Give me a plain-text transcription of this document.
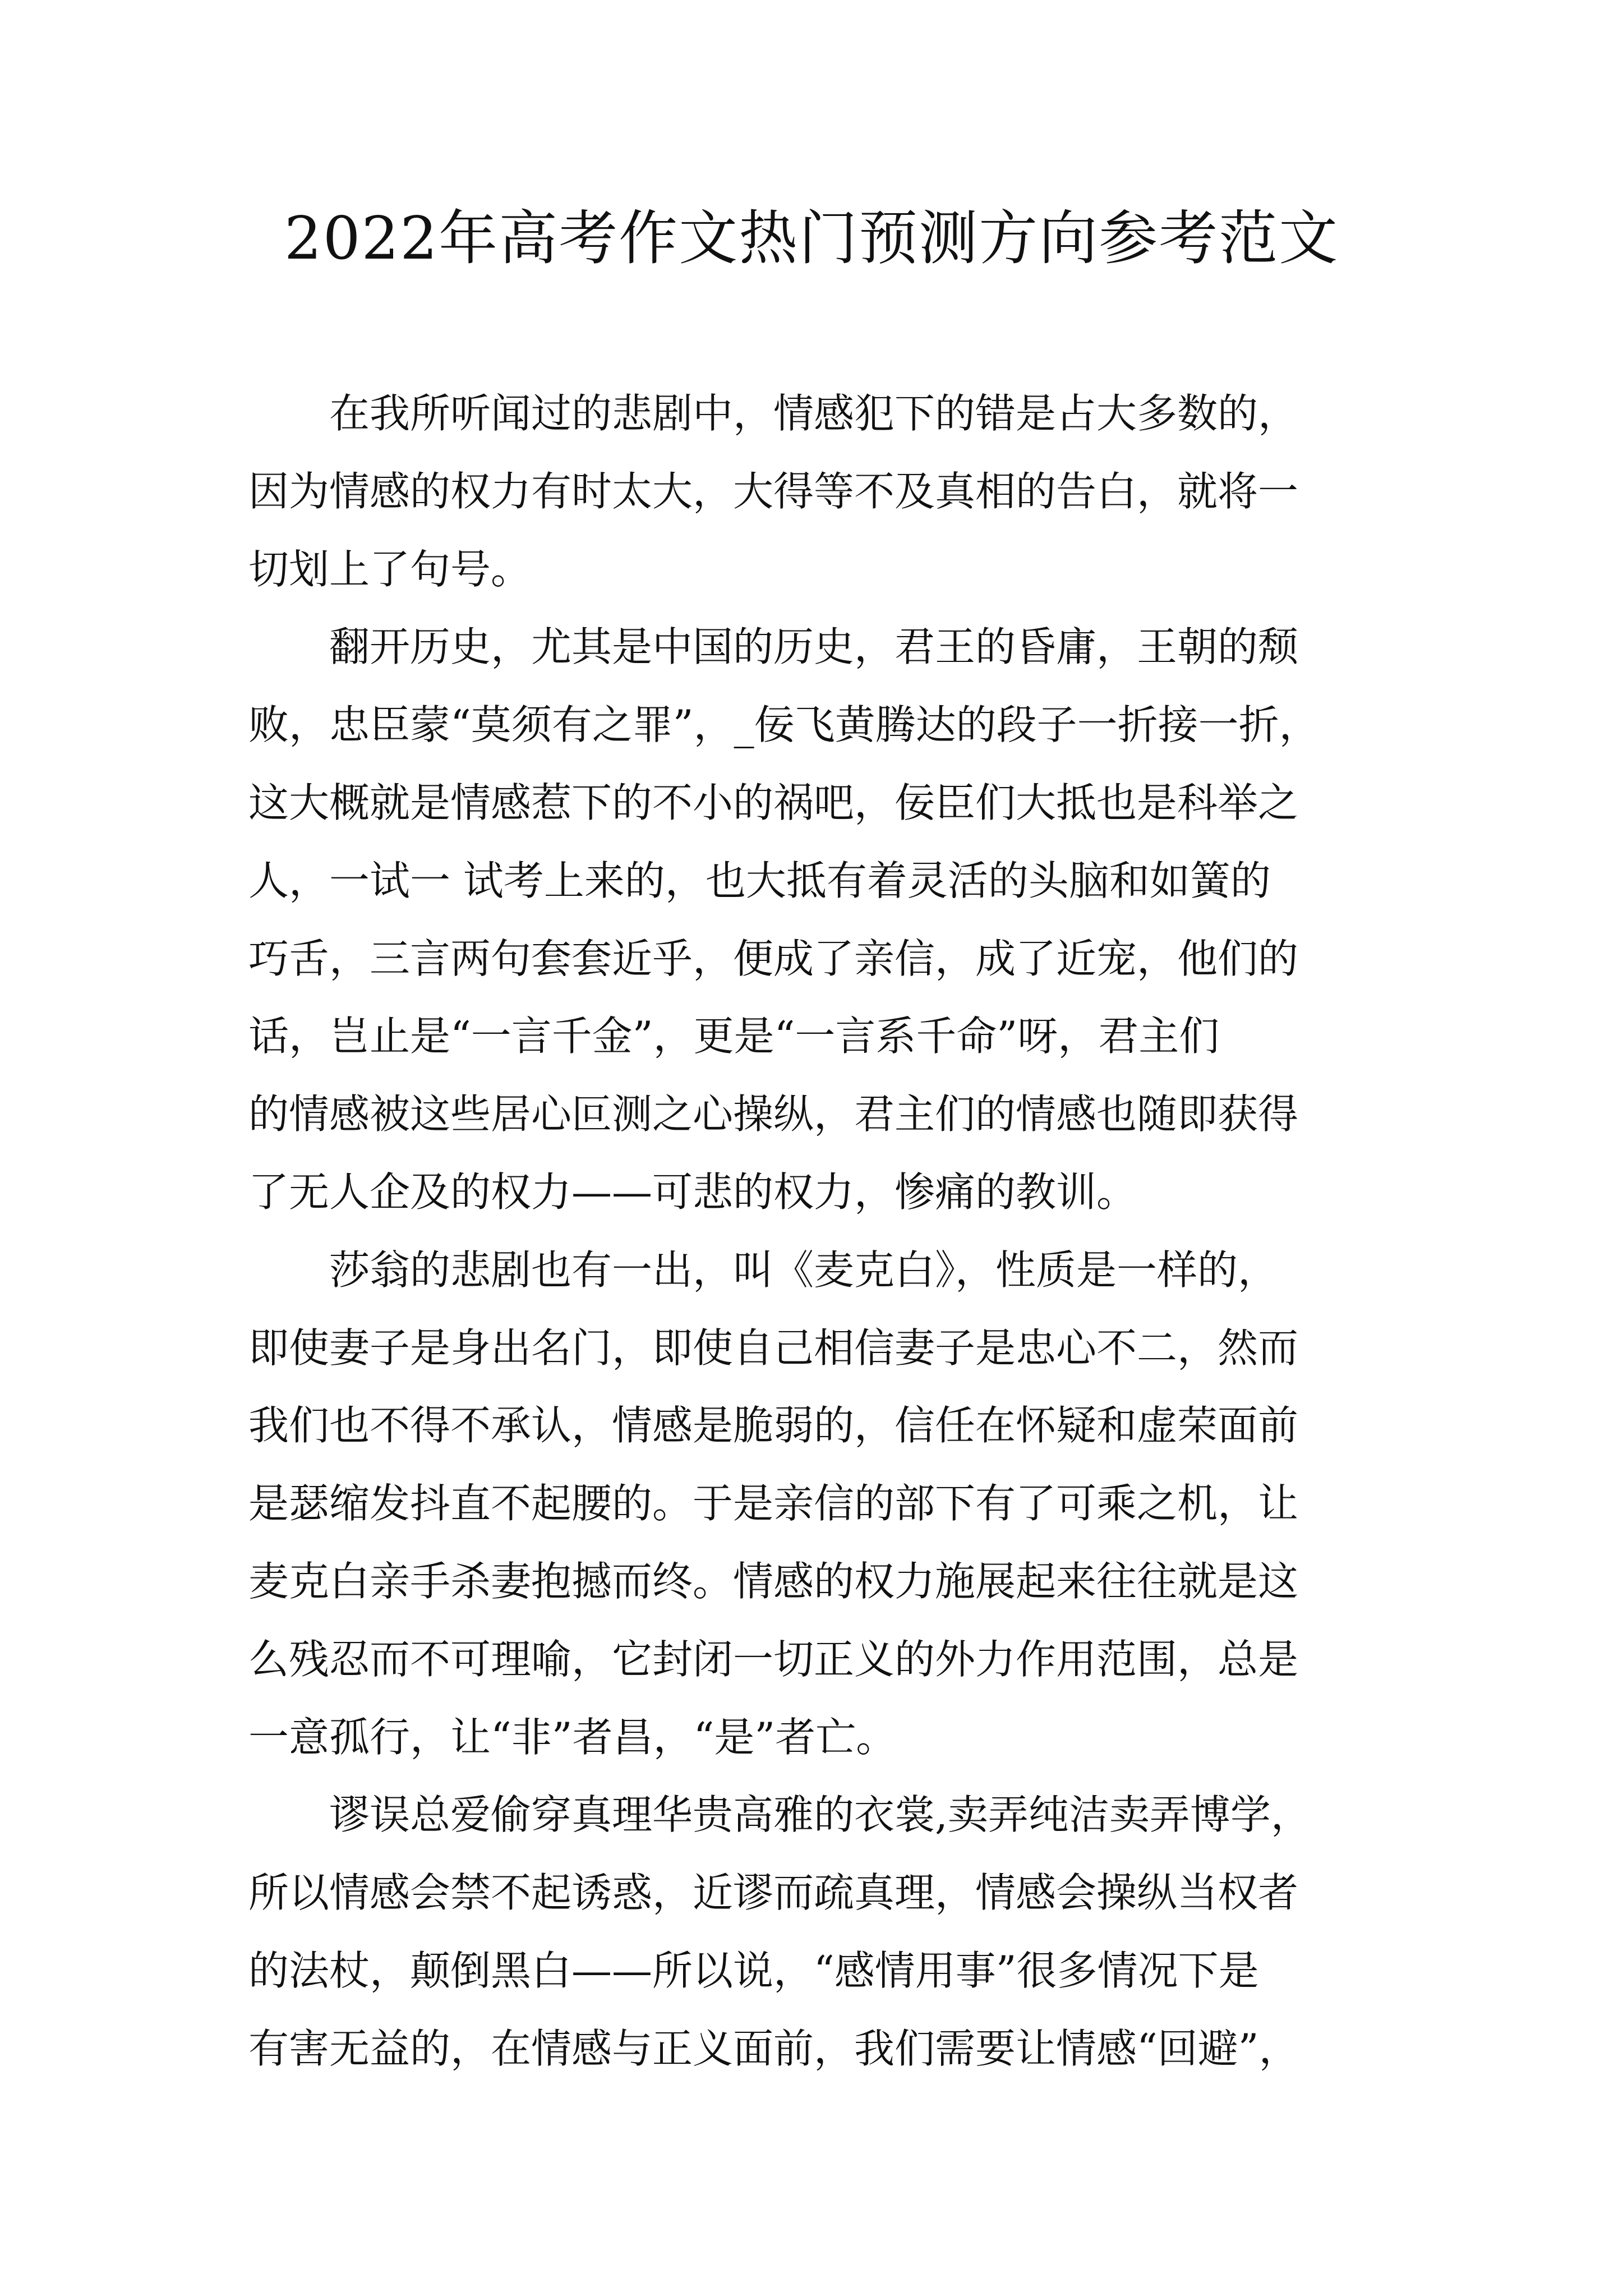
2022年高考作文热门预测方向参考范文
在我所听闻过的悲剧中，情感犯下的错是占大多数的，
因为情感的权力有时太大，大得等不及真相的告白，就将一
切划上了句号。
翻开历史，尤其是中国的历史，君王的昏庸，王朝的颓
败，忠臣蒙“莫须有之罪”，_佞飞黄腾达的段子一折接一折，
这大概就是情感惹下的不小的祸吧，佞臣们大抵也是科举之
人，一试一 试考上来的，也大抵有着灵活的头脑和如簧的
巧舌，三言两句套套近乎，便成了亲信，成了近宠，他们的
话，岂止是“一言千金”，更是“一言系千命”呀，君主们
的情感被这些居心叵测之心操纵，君主们的情感也随即获得
了无人企及的权力——可悲的权力，惨痛的教训。
莎翁的悲剧也有一出，叫《麦克白》，性质是一样的，
即使妻子是身出名门，即使自己相信妻子是忠心不二，然而
我们也不得不承认，情感是脆弱的，信任在怀疑和虚荣面前
是瑟缩发抖直不起腰的。于是亲信的部下有了可乘之机，让
麦克白亲手杀妻抱撼而终。情感的权力施展起来往往就是这
么残忍而不可理喻，它封闭一切正义的外力作用范围，总是
一意孤行，让“非”者昌，“是”者亡。
谬误总爱偷穿真理华贵高雅的衣裳,卖弄纯洁卖弄博学，
所以情感会禁不起诱惑，近谬而疏真理，情感会操纵当权者
的法杖，颠倒黑白——所以说，“感情用事”很多情况下是
有害无益的，在情感与正义面前，我们需要让情感“回避”，
